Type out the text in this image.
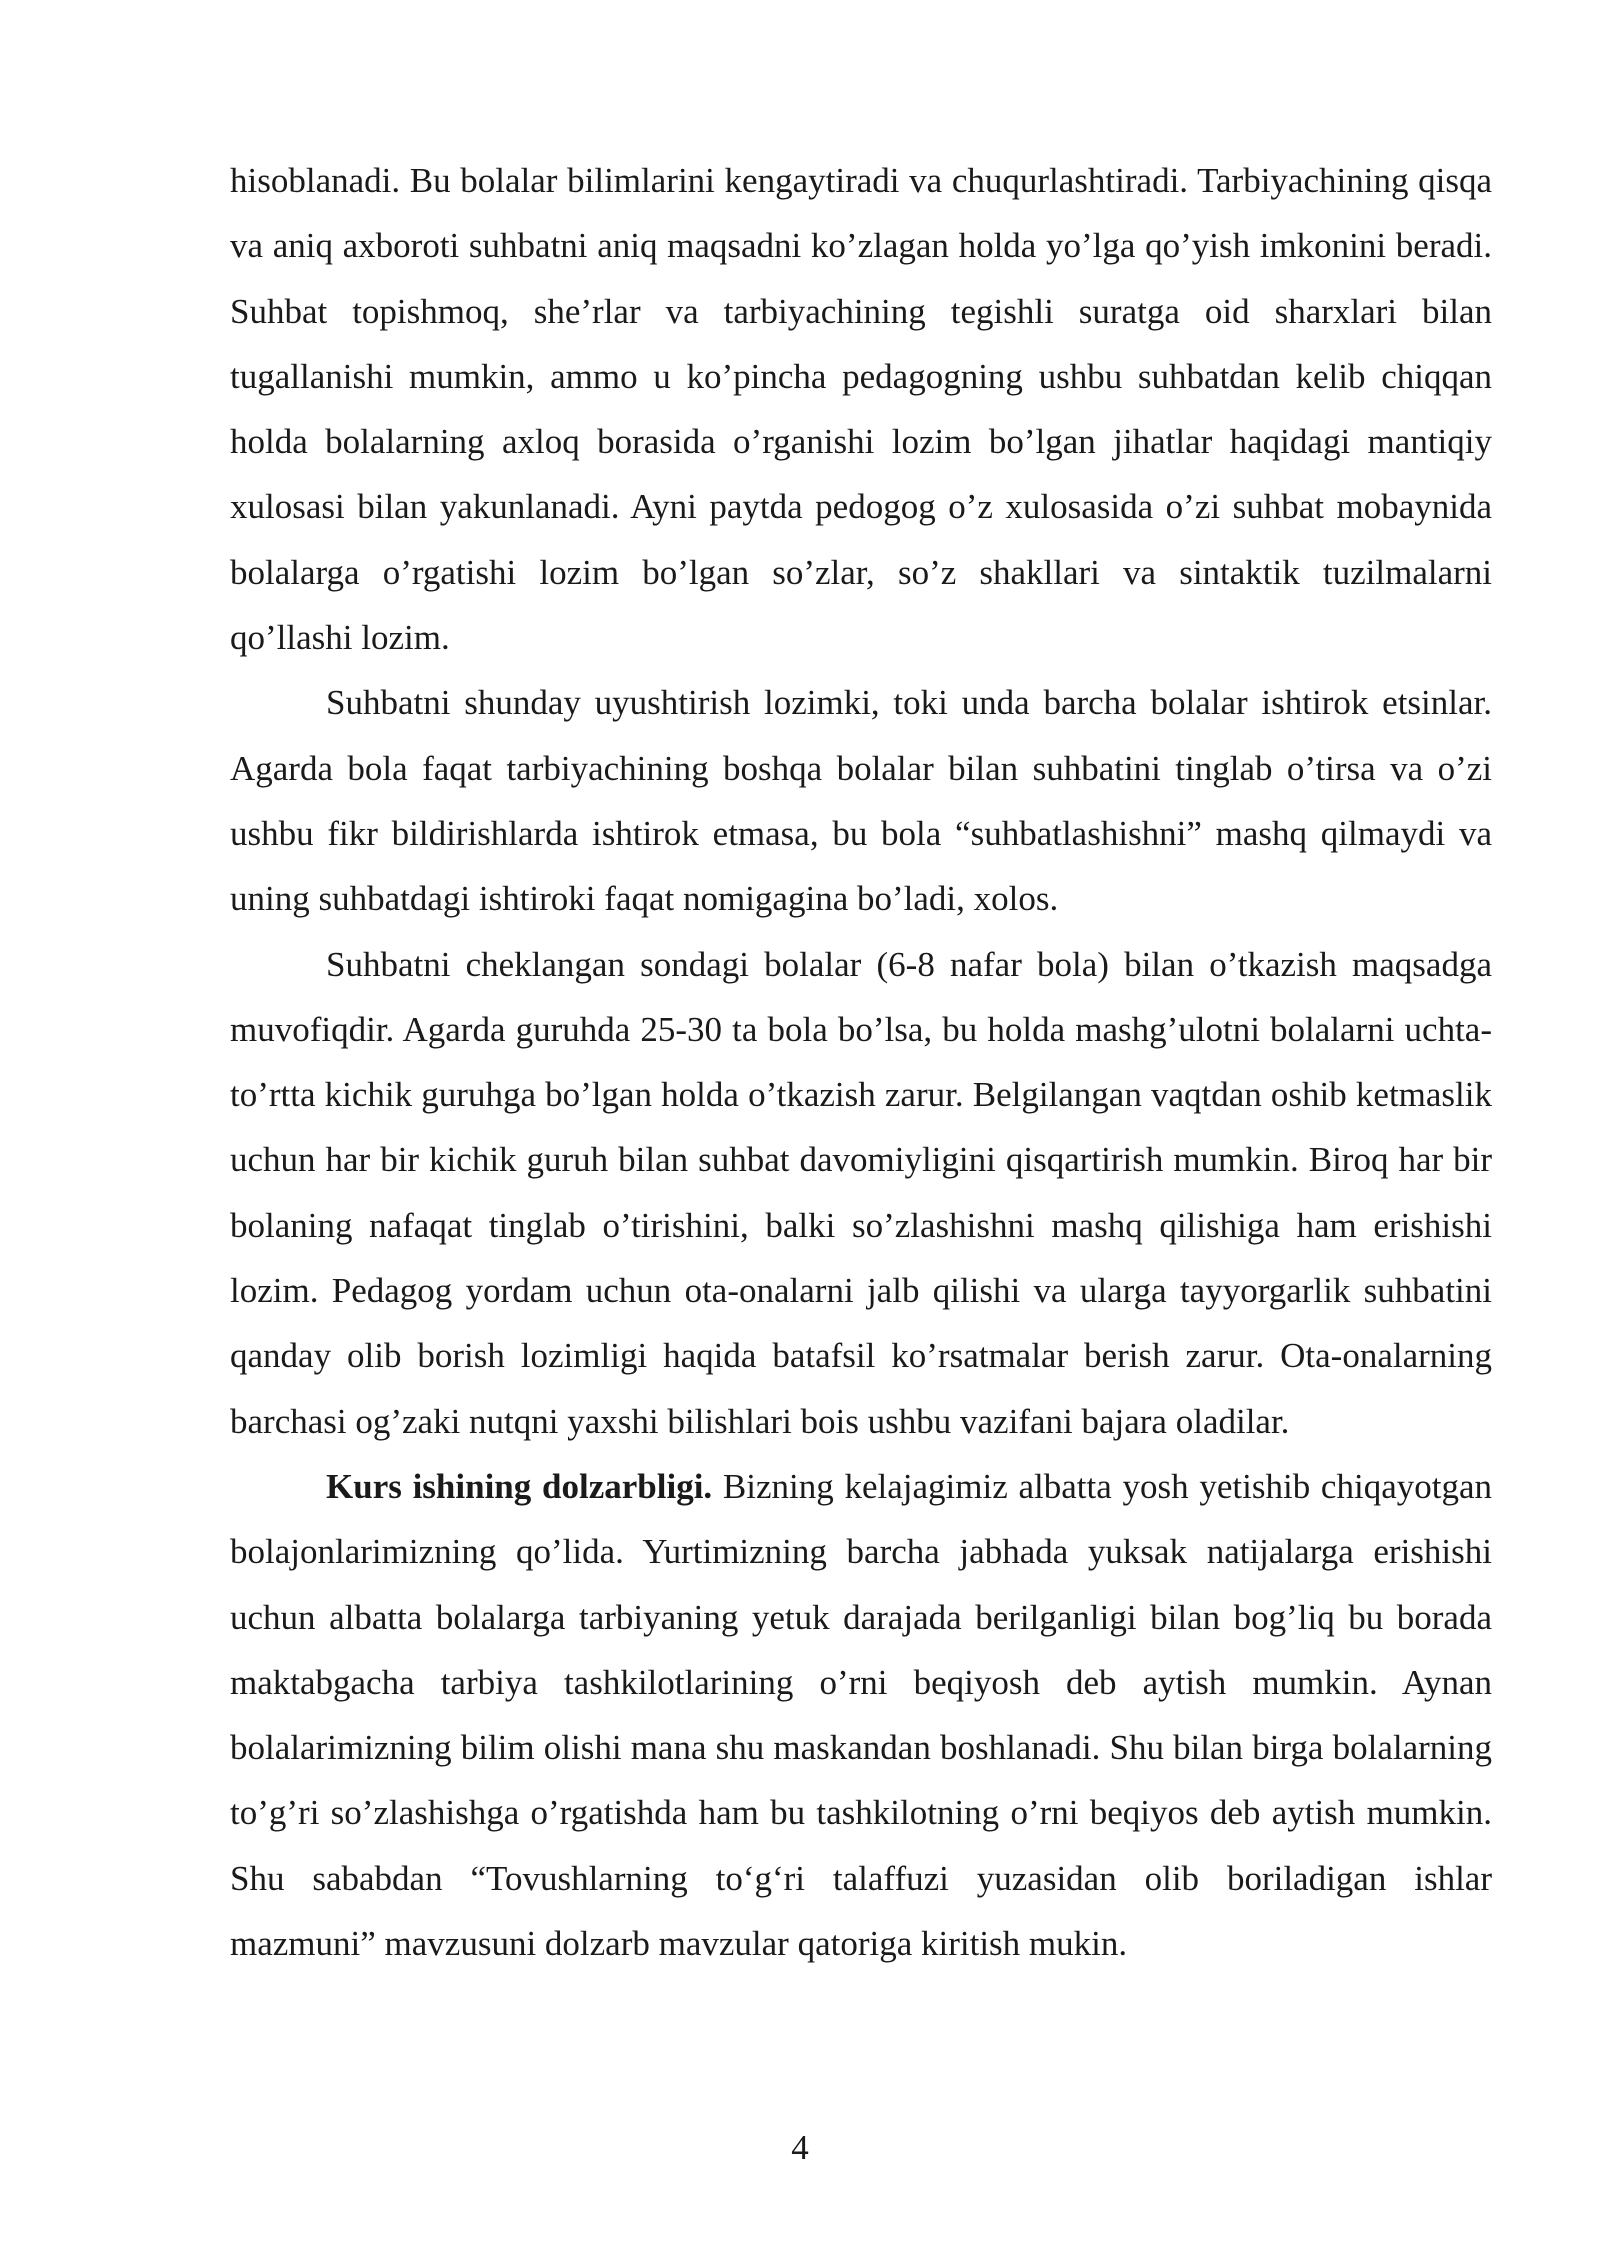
hisoblanadi. Bu bolalar bilimlarini kengaytiradi va chuqurlashtiradi. Tarbiyachining qisqa va aniq axboroti suhbatni aniq maqsadni ko’zlagan holda yo’lga qo’yish imkonini beradi. Suhbat topishmoq, she’rlar va tarbiyachining tegishli suratga oid sharxlari bilan tugallanishi mumkin, ammo u ko’pincha pedagogning ushbu suhbatdan kelib chiqqan holda bolalarning axloq borasida o’rganishi lozim bo’lgan jihatlar haqidagi mantiqiy xulosasi bilan yakunlanadi. Ayni paytda pedogog o’z xulosasida o’zi suhbat mobaynida bolalarga o’rgatishi lozim bo’lgan so’zlar, so’z shakllari va sintaktik tuzilmalarni qo’llashi lozim.

Suhbatni shunday uyushtirish lozimki, toki unda barcha bolalar ishtirok etsinlar. Agarda bola faqat tarbiyachining boshqa bolalar bilan suhbatini tinglab o’tirsa va o’zi ushbu fikr bildirishlarda ishtirok etmasa, bu bola “suhbatlashishni” mashq qilmaydi va uning suhbatdagi ishtiroki faqat nomigagina bo’ladi, xolos.

Suhbatni cheklangan sondagi bolalar (6-8 nafar bola) bilan o’tkazish maqsadga muvofiqdir. Agarda guruhda 25-30 ta bola bo’lsa, bu holda mashg’ulotni bolalarni uchta-to’rtta kichik guruhga bo’lgan holda o’tkazish zarur. Belgilangan vaqtdan oshib ketmaslik uchun har bir kichik guruh bilan suhbat davomiyligini qisqartirish mumkin. Biroq har bir bolaning nafaqat tinglab o’tirishini, balki so’zlashishni mashq qilishiga ham erishishi lozim. Pedagog yordam uchun ota-onalarni jalb qilishi va ularga tayyorgarlik suhbatini qanday olib borish lozimligi haqida batafsil ko’rsatmalar berish zarur. Ota-onalarning barchasi og’zaki nutqni yaxshi bilishlari bois ushbu vazifani bajara oladilar.

Kurs ishining dolzarbligi. Bizning kelajagimiz albatta yosh yetishib chiqayotgan bolajonlarimizning qo’lida. Yurtimizning barcha jabhada yuksak natijalarga erishishi uchun albatta bolalarga tarbiyaning yetuk darajada berilganligi bilan bog’liq bu borada maktabgacha tarbiya tashkilotlarining o’rni beqiyosh deb aytish mumkin. Aynan bolalarimizning bilim olishi mana shu maskandan boshlanadi. Shu bilan birga bolalarning to’g’ri so’zlashishga o’rgatishda ham bu tashkilotning o’rni beqiyos deb aytish mumkin. Shu sababdan “Tovushlarning to‘g‘ri talaffuzi yuzasidan olib boriladigan ishlar mazmuni” mavzusuni dolzarb mavzular qatoriga kiritish mukin.

4
